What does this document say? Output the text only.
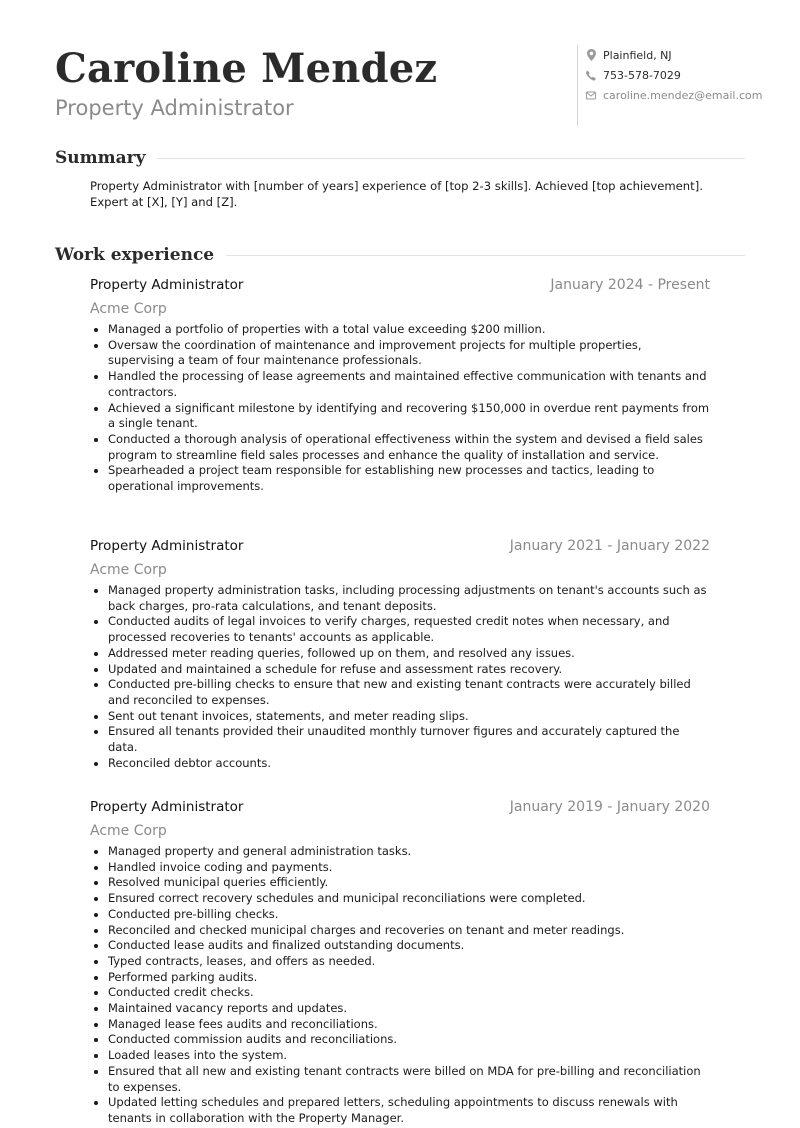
Caroline Mendez
Property Administrator
Plainfield, NJ
753-578-7029
caroline.mendez@email.com
Summary
Property Administrator with [number of years] experience of [top 2-3 skills]. Achieved [top achievement]. Expert at [X], [Y] and [Z].
Work experience
Property Administrator	January 2024 - Present
Acme Corp
Managed a portfolio of properties with a total value exceeding $200 million.
Oversaw the coordination of maintenance and improvement projects for multiple properties, supervising a team of four maintenance professionals.
Handled the processing of lease agreements and maintained effective communication with tenants and contractors.
Achieved a significant milestone by identifying and recovering $150,000 in overdue rent payments from a single tenant.
Conducted a thorough analysis of operational effectiveness within the system and devised a field sales program to streamline field sales processes and enhance the quality of installation and service.
Spearheaded a project team responsible for establishing new processes and tactics, leading to operational improvements.
Property Administrator	January 2021 - January 2022
Acme Corp
Managed property administration tasks, including processing adjustments on tenant's accounts such as back charges, pro-rata calculations, and tenant deposits.
Conducted audits of legal invoices to verify charges, requested credit notes when necessary, and processed recoveries to tenants' accounts as applicable.
Addressed meter reading queries, followed up on them, and resolved any issues.
Updated and maintained a schedule for refuse and assessment rates recovery.
Conducted pre-billing checks to ensure that new and existing tenant contracts were accurately billed and reconciled to expenses.
Sent out tenant invoices, statements, and meter reading slips.
Ensured all tenants provided their unaudited monthly turnover figures and accurately captured the data.
Reconciled debtor accounts.
Property Administrator	January 2019 - January 2020
Acme Corp
Managed property and general administration tasks.
Handled invoice coding and payments.
Resolved municipal queries efficiently.
Ensured correct recovery schedules and municipal reconciliations were completed.
Conducted pre-billing checks.
Reconciled and checked municipal charges and recoveries on tenant and meter readings.
Conducted lease audits and finalized outstanding documents.
Typed contracts, leases, and offers as needed.
Performed parking audits.
Conducted credit checks.
Maintained vacancy reports and updates.
Managed lease fees audits and reconciliations.
Conducted commission audits and reconciliations.
Loaded leases into the system.
Ensured that all new and existing tenant contracts were billed on MDA for pre-billing and reconciliation to expenses.
Updated letting schedules and prepared letters, scheduling appointments to discuss renewals with tenants in collaboration with the Property Manager.
